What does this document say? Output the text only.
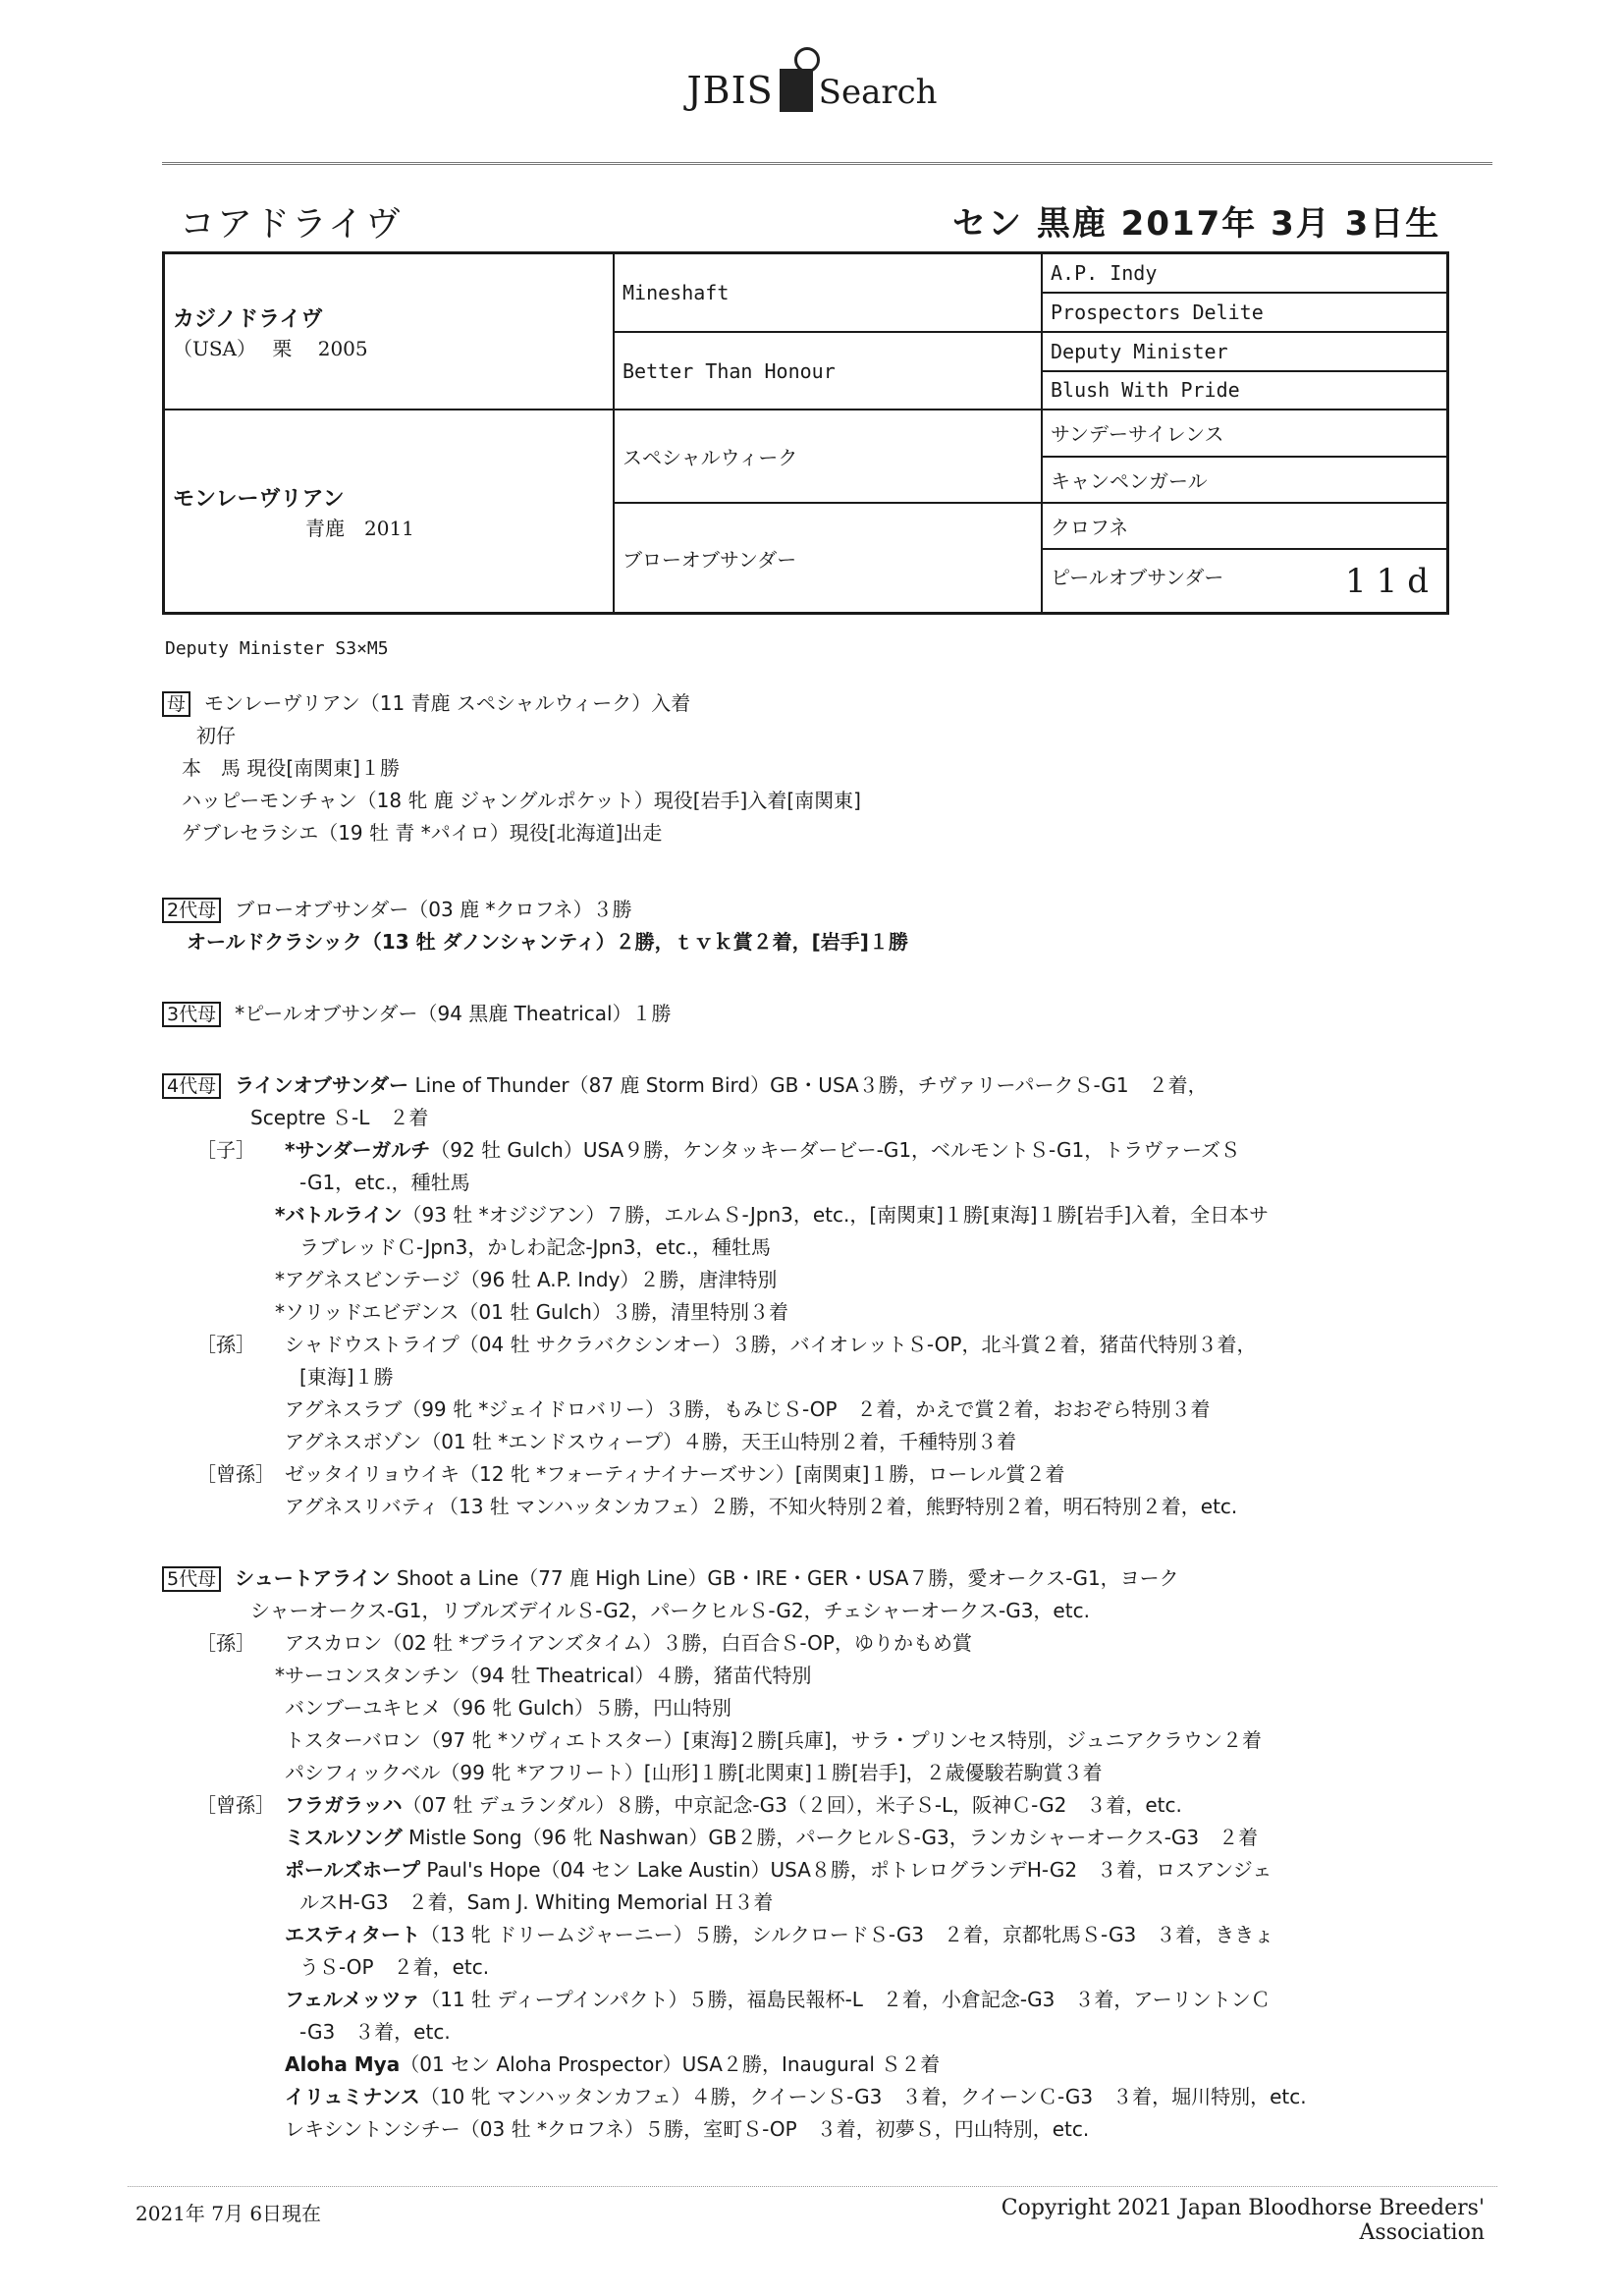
JBIS Search
コアドライヴ	セン 黒鹿 2017年 3月 3日生
カジノドライヴ
（USA）　 栗　 2005	Mineshaft	A.P. Indy
		Prospectors Delite
	Better Than Honour	Deputy Minister
		Blush With Pride

モンレーヴリアン
青鹿　2011	スペシャルウィーク	サンデーサイレンス
		キャンペンガール
	ブローオブサンダー	クロフネ
		ピールオブサンダー 11d
Deputy Minister S3×M5
母 モンレーヴリアン（11 青鹿 スペシャルウィーク）入着
初仔
本　馬 現役[南関東]１勝
ハッピーモンチャン（18 牝 鹿 ジャングルポケット）現役[岩手]入着[南関東]
ゲブレセラシエ（19 牡 青 *パイロ）現役[北海道]出走
2代母 ブローオブサンダー（03 鹿 *クロフネ）３勝
オールドクラシック（13 牡 ダノンシャンティ）２勝，ｔｖｋ賞２着，[岩手]１勝
3代母 *ピールオブサンダー（94 黒鹿 Theatrical）１勝
4代母 ラインオブサンダー Line of Thunder（87 鹿 Storm Bird）GB・USA３勝，チヴァリーパークＳ-G1　２着，
Sceptre Ｓ-L　２着
［子］ *サンダーガルチ（92 牡 Gulch）USA９勝，ケンタッキーダービー-G1，ベルモントＳ-G1，トラヴァーズＳ
-G1，etc.，種牡馬
*バトルライン（93 牡 *オジジアン）７勝，エルムＳ-Jpn3，etc.，[南関東]１勝[東海]１勝[岩手]入着，全日本サ
ラブレッドＣ-Jpn3，かしわ記念-Jpn3，etc.，種牡馬
*アグネスビンテージ（96 牡 A.P. Indy）２勝，唐津特別
*ソリッドエビデンス（01 牡 Gulch）３勝，清里特別３着
［孫］ シャドウストライプ（04 牡 サクラバクシンオー）３勝，バイオレットＳ-OP，北斗賞２着，猪苗代特別３着，
[東海]１勝
アグネスラブ（99 牝 *ジェイドロバリー）３勝，もみじＳ-OP　２着，かえで賞２着，おおぞら特別３着
アグネスボゾン（01 牡 *エンドスウィープ）４勝，天王山特別２着，千種特別３着
［曾孫］ ゼッタイリョウイキ（12 牝 *フォーティナイナーズサン）[南関東]１勝，ローレル賞２着
アグネスリバティ（13 牡 マンハッタンカフェ）２勝，不知火特別２着，熊野特別２着，明石特別２着，etc.
5代母 シュートアライン Shoot a Line（77 鹿 High Line）GB・IRE・GER・USA７勝，愛オークス-G1，ヨーク
シャーオークス-G1，リブルズデイルＳ-G2，パークヒルＳ-G2，チェシャーオークス-G3，etc.
［孫］ アスカロン（02 牡 *ブライアンズタイム）３勝，白百合Ｓ-OP，ゆりかもめ賞
*サーコンスタンチン（94 牡 Theatrical）４勝，猪苗代特別
バンブーユキヒメ（96 牝 Gulch）５勝，円山特別
トスターバロン（97 牝 *ソヴィエトスター）[東海]２勝[兵庫]，サラ・プリンセス特別，ジュニアクラウン２着
パシフィックベル（99 牝 *アフリート）[山形]１勝[北関東]１勝[岩手]，２歳優駿若駒賞３着
［曾孫］ フラガラッハ（07 牡 デュランダル）８勝，中京記念-G3（２回），米子Ｓ-L，阪神Ｃ-G2　３着，etc.
ミスルソング Mistle Song（96 牝 Nashwan）GB２勝，パークヒルＳ-G3，ランカシャーオークス-G3　２着
ポールズホープ Paul's Hope（04 セン Lake Austin）USA８勝，ポトレログランデH-G2　３着，ロスアンジェ
ルスH-G3　２着，Sam J. Whiting Memorial Ｈ３着
エスティタート（13 牝 ドリームジャーニー）５勝，シルクロードＳ-G3　２着，京都牝馬Ｓ-G3　３着，ききょ
うＳ-OP　２着，etc.
フェルメッツァ（11 牡 ディープインパクト）５勝，福島民報杯-L　２着，小倉記念-G3　３着，アーリントンＣ
-G3　３着，etc.
Aloha Mya（01 セン Aloha Prospector）USA２勝，Inaugural Ｓ２着
イリュミナンス（10 牝 マンハッタンカフェ）４勝，クイーンＳ-G3　３着，クイーンＣ-G3　３着，堀川特別，etc.
レキシントンシチー（03 牡 *クロフネ）５勝，室町Ｓ-OP　３着，初夢Ｓ，円山特別，etc.
2021年 7月 6日現在	Copyright 2021 Japan Bloodhorse Breeders' Association
